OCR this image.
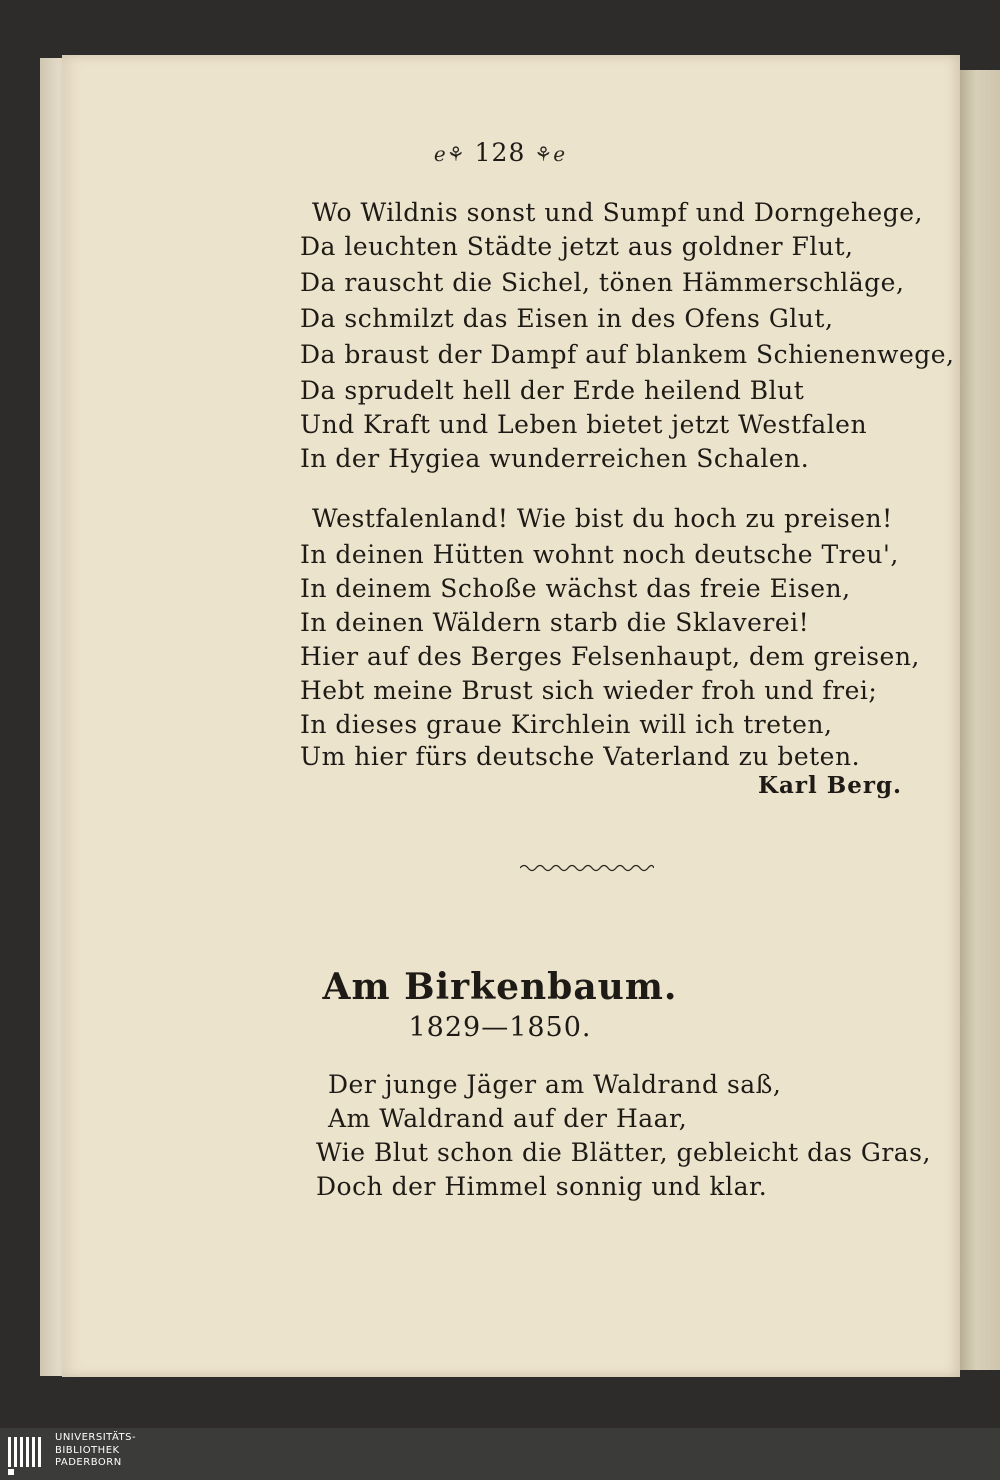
ℯ⚘ 128 ⚘ℯ
Wo Wildnis sonst und Sumpf und Dorngehege,
Da leuchten Städte jetzt aus goldner Flut,
Da rauscht die Sichel, tönen Hämmerschläge,
Da schmilzt das Eisen in des Ofens Glut,
Da braust der Dampf auf blankem Schienenwege,
Da sprudelt hell der Erde heilend Blut
Und Kraft und Leben bietet jetzt Westfalen
In der Hygiea wunderreichen Schalen.
Westfalenland! Wie bist du hoch zu preisen!
In deinen Hütten wohnt noch deutsche Treu',
In deinem Schoße wächst das freie Eisen,
In deinen Wäldern starb die Sklaverei!
Hier auf des Berges Felsenhaupt, dem greisen,
Hebt meine Brust sich wieder froh und frei;
In dieses graue Kirchlein will ich treten,
Um hier fürs deutsche Vaterland zu beten.
Karl Berg.
Am Birkenbaum.
1829—1850.
Der junge Jäger am Waldrand saß,
Am Waldrand auf der Haar,
Wie Blut schon die Blätter, gebleicht das Gras,
Doch der Himmel sonnig und klar.
UNIVERSITÄTS-
BIBLIOTHEK
PADERBORN
